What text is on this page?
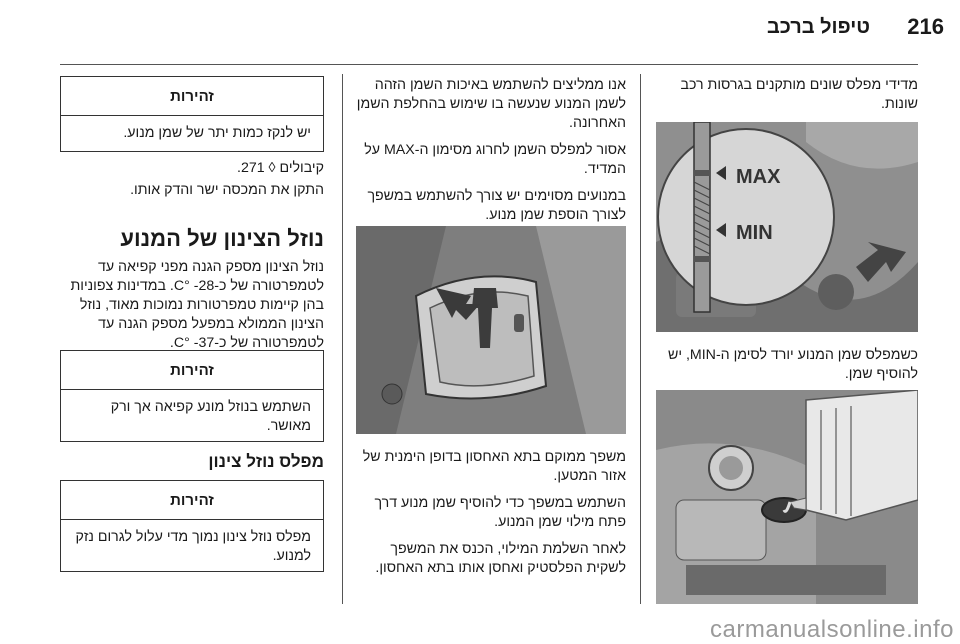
216
טיפול ברכב

מדידי מפלס שונים מותקנים בגרסות רכב שונות.

MAX
MIN

כשמפלס שמן המנוע יורד לסימן ה-MIN, יש להוסיף שמן.

אנו ממליצים להשתמש באיכות השמן הזהה לשמן המנוע שנעשה בו שימוש בהחלפת השמן האחרונה.

אסור למפלס השמן לחרוג מסימון ה-MAX על המדיד.

במנועים מסוימים יש צורך להשתמש במשפך לצורך הוספת שמן מנוע.

משפך ממוקם בתא האחסון בדופן הימנית של אזור המטען.

השתמש במשפך כדי להוסיף שמן מנוע דרך פתח מילוי שמן המנוע.

לאחר השלמת המילוי, הכנס את המשפך לשקית הפלסטיק ואחסן אותו בתא האחסון.

זהירות
יש לנקז כמות יתר של שמן מנוע.
קיבולים ◊ 271.
התקן את המכסה ישר והדק אותו.
נוזל הצינון של המנוע
נוזל הצינון מספק הגנה מפני קפיאה עד לטמפרטורה של כ-28- °C. במדינות צפוניות בהן קיימות טמפרטורות נמוכות מאוד, נוזל הצינון הממולא במפעל מספק הגנה עד לטמפרטורה של כ-37- °C.
זהירות
השתמש בנוזל מונע קפיאה אך ורק מאושר.
מפלס נוזל צינון
זהירות
מפלס נוזל צינון נמוך מדי עלול לגרום נזק למנוע.
carmanualsonline.info
